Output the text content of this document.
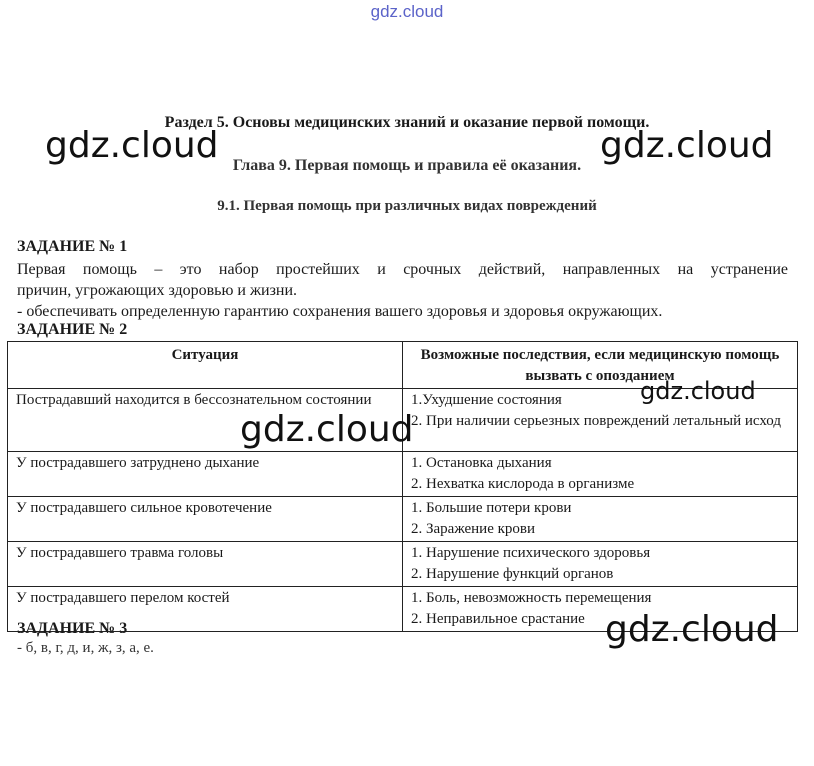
gdz.cloud
Раздел 5. Основы медицинских знаний и оказание первой помощи.
Глава 9. Первая помощь и правила её оказания.
9.1. Первая помощь при различных видах повреждений
ЗАДАНИЕ № 1
Первая помощь – это набор простейших и срочных действий, направленных на устранение
причин, угрожающих здоровью и жизни.
- обеспечивать определенную гарантию сохранения вашего здоровья и здоровья окружающих.
ЗАДАНИЕ № 2
Ситуация	Возможные последствия, если медицинскую помощь вызвать с опозданием
Пострадавший находится в бессознательном состоянии	1.Ухудшение состояния
2. При наличии серьезных повреждений летальный исход

У пострадавшего затруднено дыхание	1. Остановка дыхания
2. Нехватка кислорода в организме

У пострадавшего сильное кровотечение	1. Большие потери крови
2. Заражение крови

У пострадавшего травма головы	1. Нарушение психического здоровья
2. Нарушение функций органов

У пострадавшего перелом костей	1. Боль, невозможность перемещения
2. Неправильное срастание
ЗАДАНИЕ № 3
- б, в, г, д, и, ж, з, а, е.
gdz.cloud	gdz.cloud
gdz.cloud
gdz.cloud
gdz.cloud
